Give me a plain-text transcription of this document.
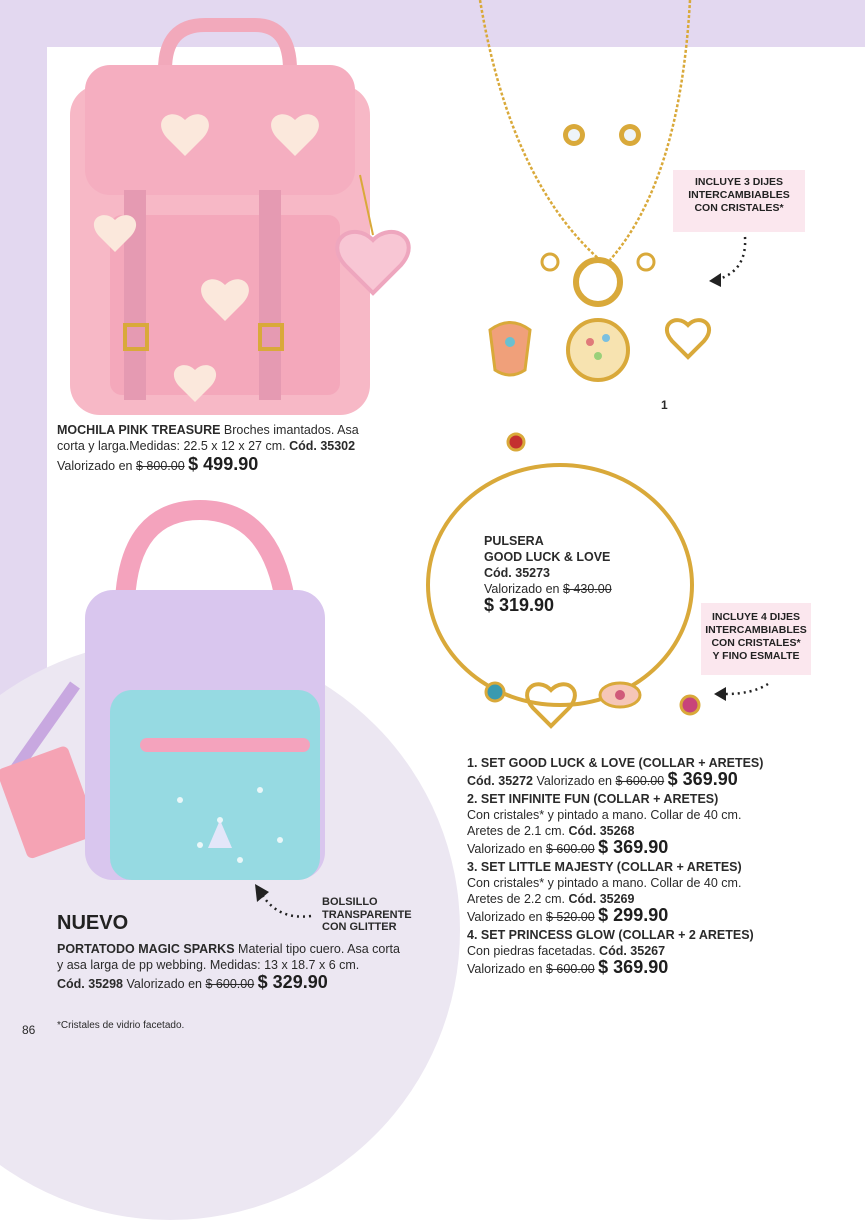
MOCHILA PINK TREASURE Broches imantados. Asa
corta y larga.Medidas: 22.5 x 12 x 27 cm. Cód. 35302
Valorizado en $ 800.00 $ 499.90
INCLUYE 3 DIJES
INTERCAMBIABLES
CON CRISTALES*
1
PULSERA
GOOD LUCK & LOVE
Cód. 35273
Valorizado en $ 430.00
$ 319.90
INCLUYE 4 DIJES
INTERCAMBIABLES
CON CRISTALES*
Y FINO ESMALTE
1. SET GOOD LUCK & LOVE (COLLAR + ARETES)
Cód. 35272 Valorizado en $ 600.00 $ 369.90
2. SET INFINITE FUN (COLLAR + ARETES)
Con cristales* y pintado a mano. Collar de 40 cm.
Aretes de 2.1 cm. Cód. 35268
Valorizado en $ 600.00 $ 369.90
3. SET LITTLE MAJESTY (COLLAR + ARETES)
Con cristales* y pintado a mano. Collar de 40 cm.
Aretes de 2.2 cm. Cód. 35269
Valorizado en $ 520.00 $ 299.90
4. SET PRINCESS GLOW (COLLAR + 2 ARETES)
Con piedras facetadas. Cód. 35267
Valorizado en $ 600.00 $ 369.90
BOLSILLO
TRANSPARENTE
CON GLITTER
NUEVO
PORTATODO MAGIC SPARKS Material tipo cuero. Asa corta
y asa larga de pp webbing. Medidas: 13 x 18.7 x 6 cm.
Cód. 35298 Valorizado en $ 600.00 $ 329.90
*Cristales de vidrio facetado.
86
